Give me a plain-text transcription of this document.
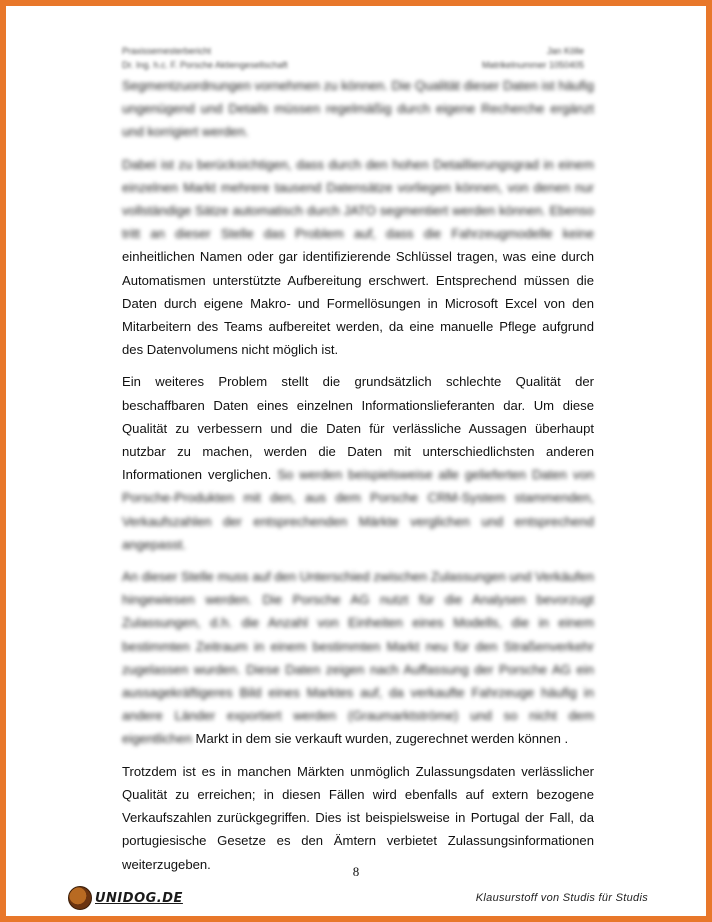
Praxissemesterbericht	Jan Kölle
Dr. Ing. h.c. F. Porsche Aktiengesellschaft	Matrikelnummer 1050405

Segmentzuordnungen vornehmen zu können. Die Qualität dieser Daten ist häufig ungenügend und Details müssen regelmäßig durch eigene Recherche ergänzt und korrigiert werden.

Dabei ist zu berücksichtigen, dass durch den hohen Detaillierungsgrad in einem einzelnen Markt mehrere tausend Datensätze vorliegen können, von denen nur vollständige Sätze automatisch durch JATO segmentiert werden können. Ebenso tritt an dieser Stelle das Problem auf, dass die Fahrzeugmodelle keine einheitlichen Namen oder gar identifizierende Schlüssel tragen, was eine durch Automatismen unterstützte Aufbereitung erschwert. Entsprechend müssen die Daten durch eigene Makro- und Formellösungen in Microsoft Excel von den Mitarbeitern des Teams aufbereitet werden, da eine manuelle Pflege aufgrund des Datenvolumens nicht möglich ist.

Ein weiteres Problem stellt die grundsätzlich schlechte Qualität der beschaffbaren Daten eines einzelnen Informationslieferanten dar. Um diese Qualität zu verbessern und die Daten für verlässliche Aussagen überhaupt nutzbar zu machen, werden die Daten mit unterschiedlichsten anderen Informationen verglichen. So werden beispielsweise alle gelieferten Daten von Porsche-Produkten mit den, aus dem Porsche CRM-System stammenden, Verkaufszahlen der entsprechenden Märkte verglichen und entsprechend angepasst.

An dieser Stelle muss auf den Unterschied zwischen Zulassungen und Verkäufen hingewiesen werden. Die Porsche AG nutzt für die Analysen bevorzugt Zulassungen, d.h. die Anzahl von Einheiten eines Modells, die in einem bestimmten Zeitraum in einem bestimmten Markt neu für den Straßenverkehr zugelassen wurden. Diese Daten zeigen nach Auffassung der Porsche AG ein aussagekräftigeres Bild eines Marktes auf, da verkaufte Fahrzeuge häufig in andere Länder exportiert werden (Graumarktströme) und so nicht dem eigentlichen Markt in dem sie verkauft wurden, zugerechnet werden können .

Trotzdem ist es in manchen Märkten unmöglich Zulassungsdaten verlässlicher Qualität zu erreichen; in diesen Fällen wird ebenfalls auf extern bezogene Verkaufszahlen zurückgegriffen. Dies ist beispielsweise in Portugal der Fall, da portugiesische Gesetze es den Ämtern verbietet Zulassungsinformationen weiterzugeben.	8
UNIDOG.DE	Klausurstoff von Studis für Studis
